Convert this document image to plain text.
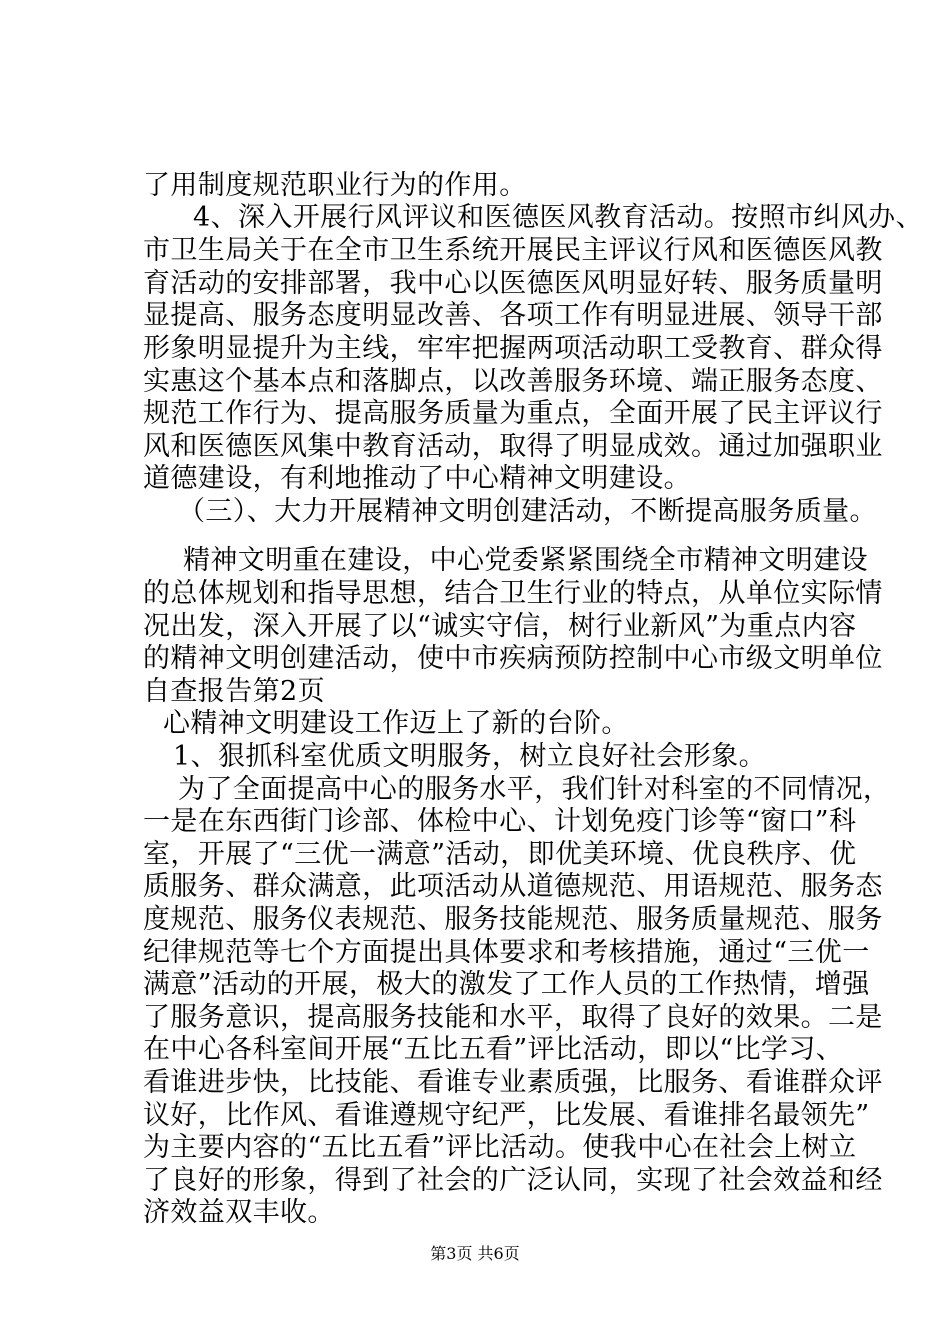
了用制度规范职业行为的作用。
4、深入开展行风评议和医德医风教育活动。按照市纠风办、
市卫生局关于在全市卫生系统开展民主评议行风和医德医风教
育活动的安排部署，我中心以医德医风明显好转、服务质量明
显提高、服务态度明显改善、各项工作有明显进展、领导干部
形象明显提升为主线，牢牢把握两项活动职工受教育、群众得
实惠这个基本点和落脚点，以改善服务环境、端正服务态度、
规范工作行为、提高服务质量为重点，全面开展了民主评议行
风和医德医风集中教育活动，取得了明显成效。通过加强职业
道德建设，有利地推动了中心精神文明建设。
（三）、大力开展精神文明创建活动，不断提高服务质量。
精神文明重在建设，中心党委紧紧围绕全市精神文明建设
的总体规划和指导思想，结合卫生行业的特点，从单位实际情
况出发，深入开展了以“诚实守信，树行业新风”为重点内容
的精神文明创建活动，使中市疾病预防控制中心市级文明单位
自查报告第2页
心精神文明建设工作迈上了新的台阶。
1、狠抓科室优质文明服务，树立良好社会形象。
为了全面提高中心的服务水平，我们针对科室的不同情况，
一是在东西街门诊部、体检中心、计划免疫门诊等“窗口”科
室，开展了“三优一满意”活动，即优美环境、优良秩序、优
质服务、群众满意，此项活动从道德规范、用语规范、服务态
度规范、服务仪表规范、服务技能规范、服务质量规范、服务
纪律规范等七个方面提出具体要求和考核措施，通过“三优一
满意”活动的开展，极大的激发了工作人员的工作热情，增强
了服务意识，提高服务技能和水平，取得了良好的效果。二是
在中心各科室间开展“五比五看”评比活动，即以“比学习、
看谁进步快，比技能、看谁专业素质强，比服务、看谁群众评
议好，比作风、看谁遵规守纪严，比发展、看谁排名最领先”
为主要内容的“五比五看”评比活动。使我中心在社会上树立
了良好的形象，得到了社会的广泛认同，实现了社会效益和经
济效益双丰收。
第3页 共6页
